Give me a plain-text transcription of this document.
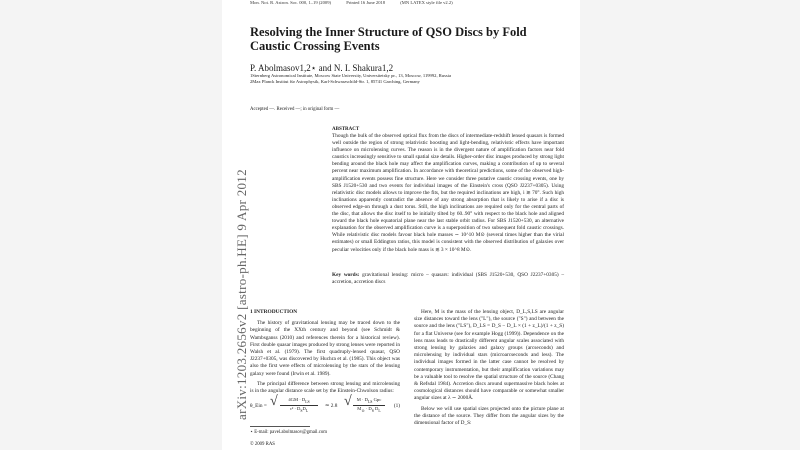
Mon. Not. R. Astron. Soc. 000, 1–19 (2009)	Printed 16 June 2018	(MN LATEX style file v2.2)
Resolving the Inner Structure of QSO Discs by Fold Caustic Crossing Events
P. Abolmasov1,2⋆ and N. I. Shakura1,2
1Sternberg Astronomical Institute, Moscow State University, Universitetsky pr., 13, Moscow, 119992, Russia
2Max Planck Institut für Astrophysik, Karl-Schwarzschild-Str. 1, 85741 Garching, Germany
Accepted —. Received —; in original form —
ABSTRACT
Though the bulk of the observed optical flux from the discs of intermediate-redshift lensed quasars is formed well outside the region of strong relativistic boosting and light-bending, relativistic effects have important influence on microlensing curves. The reason is in the divergent nature of amplification factors near fold caustics increasingly sensitive to small spatial size details. Higher-order disc images produced by strong light bending around the black hole may affect the amplification curves, making a contribution of up to several percent near maximum amplification. In accordance with theoretical predictions, some of the observed high-amplification events possess fine structure. Here we consider three putative caustic crossing events, one by SBS J1520+530 and two events for individual images of the Einstein's cross (QSO J2237+0305). Using relativistic disc models allows to improve the fits, but the required inclinations are high, i ≳ 70°. Such high inclinations apparently contradict the absence of any strong absorption that is likely to arise if a disc is observed edge-on through a dust torus. Still, the high inclinations are required only for the central parts of the disc, that allows the disc itself to be initially tilted by 60..90° with respect to the black hole and aligned toward the black hole equatorial plane near the last stable orbit radius. For SBS J1520+530, an alternative explanation for the observed amplification curve is a superposition of two subsequent fold caustic crossings. While relativistic disc models favour black hole masses ∼ 10^10 M⊙ (several times higher than the virial estimates) or small Eddington ratios, this model is consistent with the observed distribution of galaxies over peculiar velocities only if the black hole mass is ≲ 3 × 10^8 M⊙.
Key words: gravitational lensing: micro – quasars: individual (SBS J1520+530, QSO J2237+0305) – accretion, accretion discs
1 INTRODUCTION

The history of gravitational lensing may be traced down to the beginning of the XXth century and beyond (see Schmidt & Wambsganss (2010) and references therein for a historical review). First double quasar images produced by strong lenses were reported in Walsh et al. (1979). The first quadruply-lensed quasar, QSO J2237+0305, was discovered by Huchra et al. (1985). This object was also the first were effects of microlensing by the stars of the lensing galaxy were found (Irwin et al. 1989).

The principal difference between strong lensing and microlensing is in the angular distance scale set by the Einstein-Chwolson radius:

θ_Ein = √	$4GM \cdot D_{LS}$
$c^2 \cdot D_SD_L$
≃ 2.8 √	$M \cdot D_{LS}$ Gpc
$M_⊙ \cdot D_S$ $D_L$
(1)

Here, M is the mass of the lensing object, D_L,S,LS are angular size distances toward the lens ("L"), the source ("S") and between the source and the lens ("LS"), D_LS = D_S − D_L × (1 + z_L)/(1 + z_S) for a flat Universe (see for example Hogg (1999)). Dependence on the lens mass leads to drastically different angular scales associated with strong lensing by galaxies and galaxy groups (arcseconds) and microlensing by individual stars (microarcseconds and less). The individual images formed in the latter case cannot be resolved by contemporary instrumentation, but their amplification variations may be a valuable tool to resolve the spatial structure of the source (Chang & Refsdal 1984). Accretion discs around supermassive black holes at cosmological distances should have comparable or somewhat smaller angular sizes at λ ∼ 2000Å.

Below we will use spatial sizes projected onto the picture plane at the distance of the source. They differ from the angular sizes by the dimensional factor of D_S:

⋆ E-mail: pavel.abolmasov@gmail.com
© 2009 RAS
arXiv:1203.2656v2 [astro-ph.HE] 9 Apr 2012
